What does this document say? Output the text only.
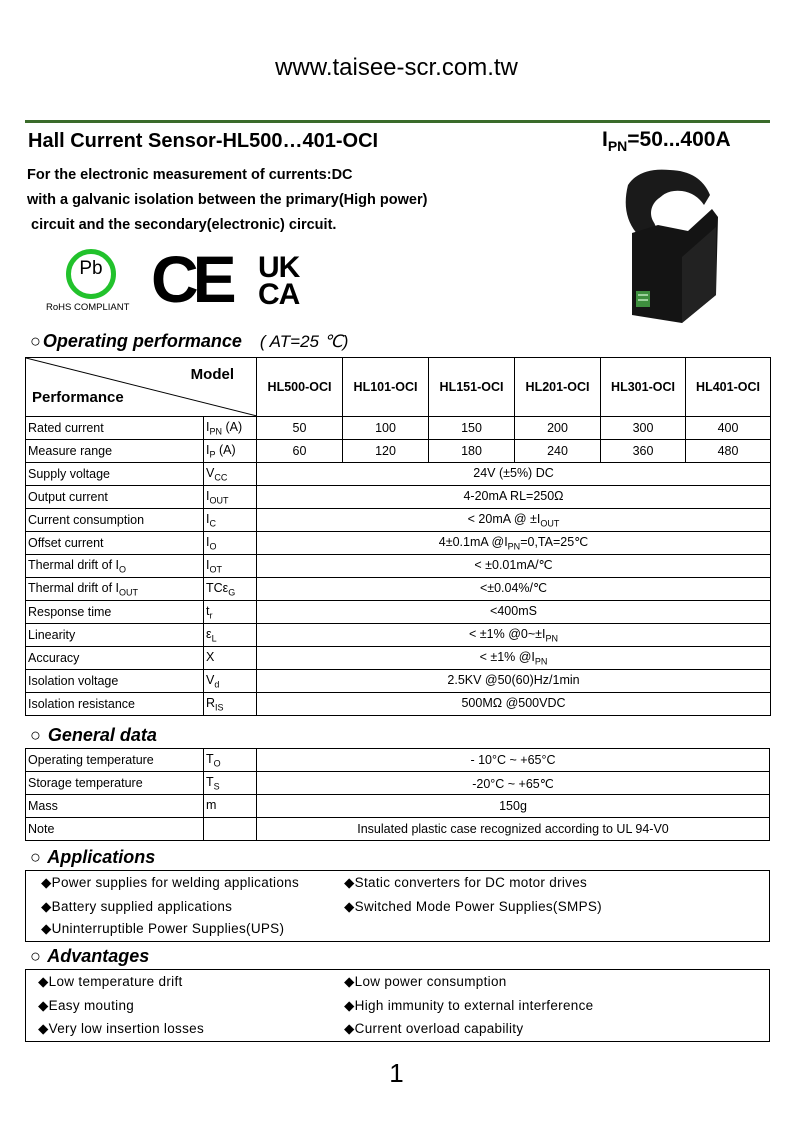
www.taisee-scr.com.tw
Hall Current Sensor-HL500…401-OCI	$I_{PN}=50...400A$
For the electronic measurement of currents:DC
with a galvanic isolation between the primary(High power)
circuit and the secondary(electronic) circuit.
Pb
RoHS COMPLIANT CE UK
CA
○ Operating performance ( AT=25 ℃)
Model
Performance		HL500-OCI	HL101-OCI	HL151-OCI	HL201-OCI	HL301-OCI	HL401-OCI
Rated current	$I_{PN}$ (A)	50	100	150	200	300	400
Measure range	$I_P$ (A)	60	120	180	240	360	480
Supply voltage	$V_{CC}$	24V (±5%) DC					
Output current	$I_{OUT}$	4-20mA RL=250Ω					
Current consumption	$I_C$	< 20mA @ $\pm I_{OUT}$
Offset current	$I_O$	4±0.1mA $@I_{PN}=0,TA=25℃$					
Thermal drift of $I_O$	$I_{OT}$	< ±0.01mA/℃					
Thermal drift of $I_{OUT}$	TCε$_G$	<±0.04%/℃					
Response time	$t_r$	<400mS					
Linearity	$\varepsilon_L$	< ±1% $@0\sim\pm I_{PN}$
Accuracy	X	< ±1% $@I_{PN}$
Isolation voltage	$V_d$	2.5KV @50(60)Hz/1min					
Isolation resistance	$R_{IS}$	500MΩ @500VDC					
○ General data
Operating temperature	$T_O$	- 10°C ~ +65°C
Storage temperature	$T_S$	-20°C ~ +65℃
Mass	m	150g
Note		Insulated plastic case recognized according to UL 94-V0
○ Applications
◆Power supplies for welding applications	◆Static converters for DC motor drives
◆Battery supplied applications	◆Switched Mode Power Supplies(SMPS)
◆Uninterruptible Power Supplies(UPS)
○ Advantages
◆Low temperature drift	◆Low power consumption
◆Easy mouting	◆High immunity to external interference
◆Very low insertion losses	◆Current overload capability
1
